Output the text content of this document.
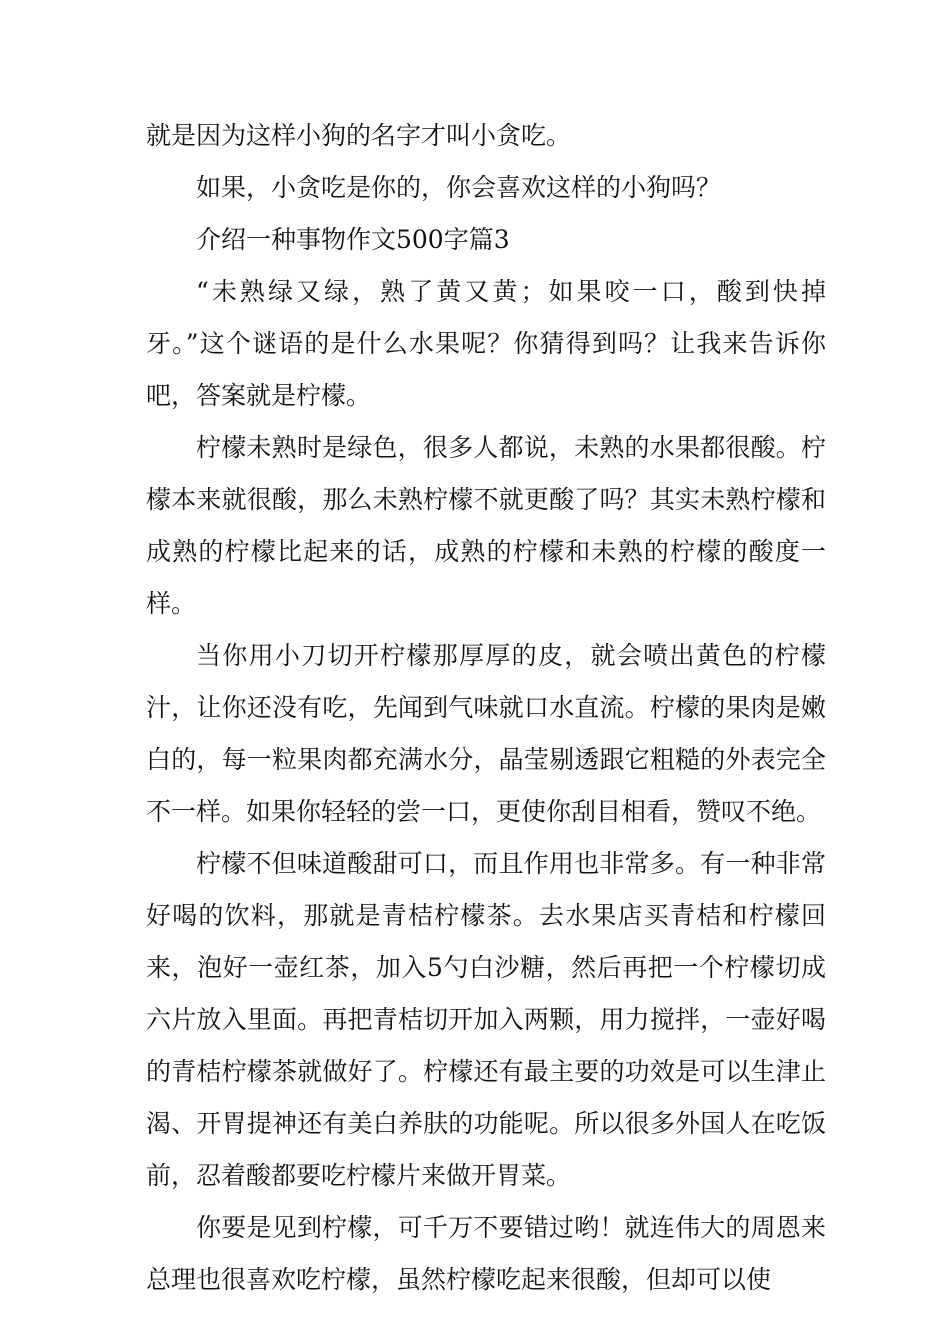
就是因为这样小狗的名字才叫小贪吃。

如果，小贪吃是你的，你会喜欢这样的小狗吗？

介绍一种事物作文500字篇3

“未熟绿又绿，熟了黄又黄；如果咬一口，酸到快掉牙。”这个谜语的是什么水果呢？你猜得到吗？让我来告诉你吧，答案就是柠檬。

柠檬未熟时是绿色，很多人都说，未熟的水果都很酸。柠檬本来就很酸，那么未熟柠檬不就更酸了吗？其实未熟柠檬和成熟的柠檬比起来的话，成熟的柠檬和未熟的柠檬的酸度一样。

当你用小刀切开柠檬那厚厚的皮，就会喷出黄色的柠檬汁，让你还没有吃，先闻到气味就口水直流。柠檬的果肉是嫩白的，每一粒果肉都充满水分，晶莹剔透跟它粗糙的外表完全不一样。如果你轻轻的尝一口，更使你刮目相看，赞叹不绝。

柠檬不但味道酸甜可口，而且作用也非常多。有一种非常好喝的饮料，那就是青桔柠檬茶。去水果店买青桔和柠檬回来，泡好一壶红茶，加入5勺白沙糖，然后再把一个柠檬切成六片放入里面。再把青桔切开加入两颗，用力搅拌，一壶好喝的青桔柠檬茶就做好了。柠檬还有最主要的功效是可以生津止渴、开胃提神还有美白养肤的功能呢。所以很多外国人在吃饭前，忍着酸都要吃柠檬片来做开胃菜。

你要是见到柠檬，可千万不要错过哟！就连伟大的周恩来总理也很喜欢吃柠檬，虽然柠檬吃起来很酸，但却可以使
